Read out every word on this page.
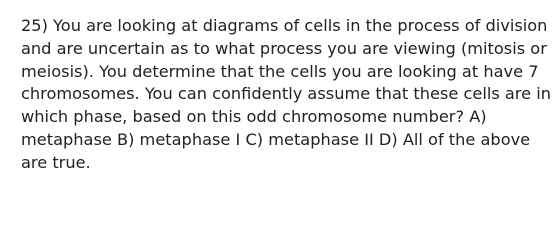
25) You are looking at diagrams of cells in the process of division
and are uncertain as to what process you are viewing (mitosis or
meiosis). You determine that the cells you are looking at have 7
chromosomes. You can confidently assume that these cells are in
which phase, based on this odd chromosome number? A)
metaphase B) metaphase I C) metaphase II D) All of the above
are true.
